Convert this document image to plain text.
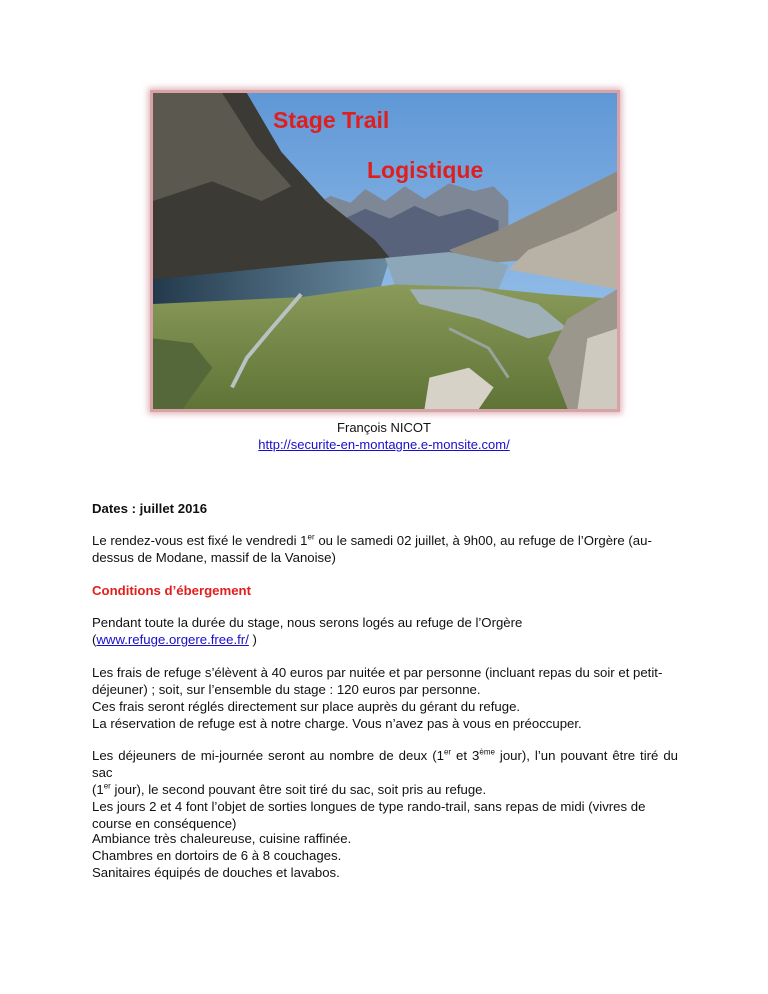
Stage Trail
Logistique
François NICOT
http://securite-en-montagne.e-monsite.com/
Dates : juillet 2016
Le rendez-vous est fixé le vendredi 1er ou le samedi 02 juillet, à 9h00, au refuge de l’Orgère (au-
dessus de Modane, massif de la Vanoise)
Conditions d’ébergement
Pendant toute la durée du stage, nous serons logés au refuge de l’Orgère
(www.refuge.orgere.free.fr/ )
Les frais de refuge s’élèvent à 40 euros par nuitée et par personne (incluant repas du soir et petit-
déjeuner) ; soit, sur l’ensemble du stage : 120 euros par personne.
Ces frais seront réglés directement sur place auprès du gérant du refuge.
La réservation de refuge est à notre charge. Vous n’avez pas à vous en préoccuper.
Les déjeuners de mi-journée seront au nombre de deux (1er et 3ème jour), l’un pouvant être tiré du sac
(1er jour), le second pouvant être soit tiré du sac, soit pris au refuge.
Les jours 2 et 4 font l’objet de sorties longues de type rando-trail, sans repas de midi (vivres de
course en conséquence)
Ambiance très chaleureuse, cuisine raffinée.
Chambres en dortoirs de 6 à 8 couchages.
Sanitaires équipés de douches et lavabos.
